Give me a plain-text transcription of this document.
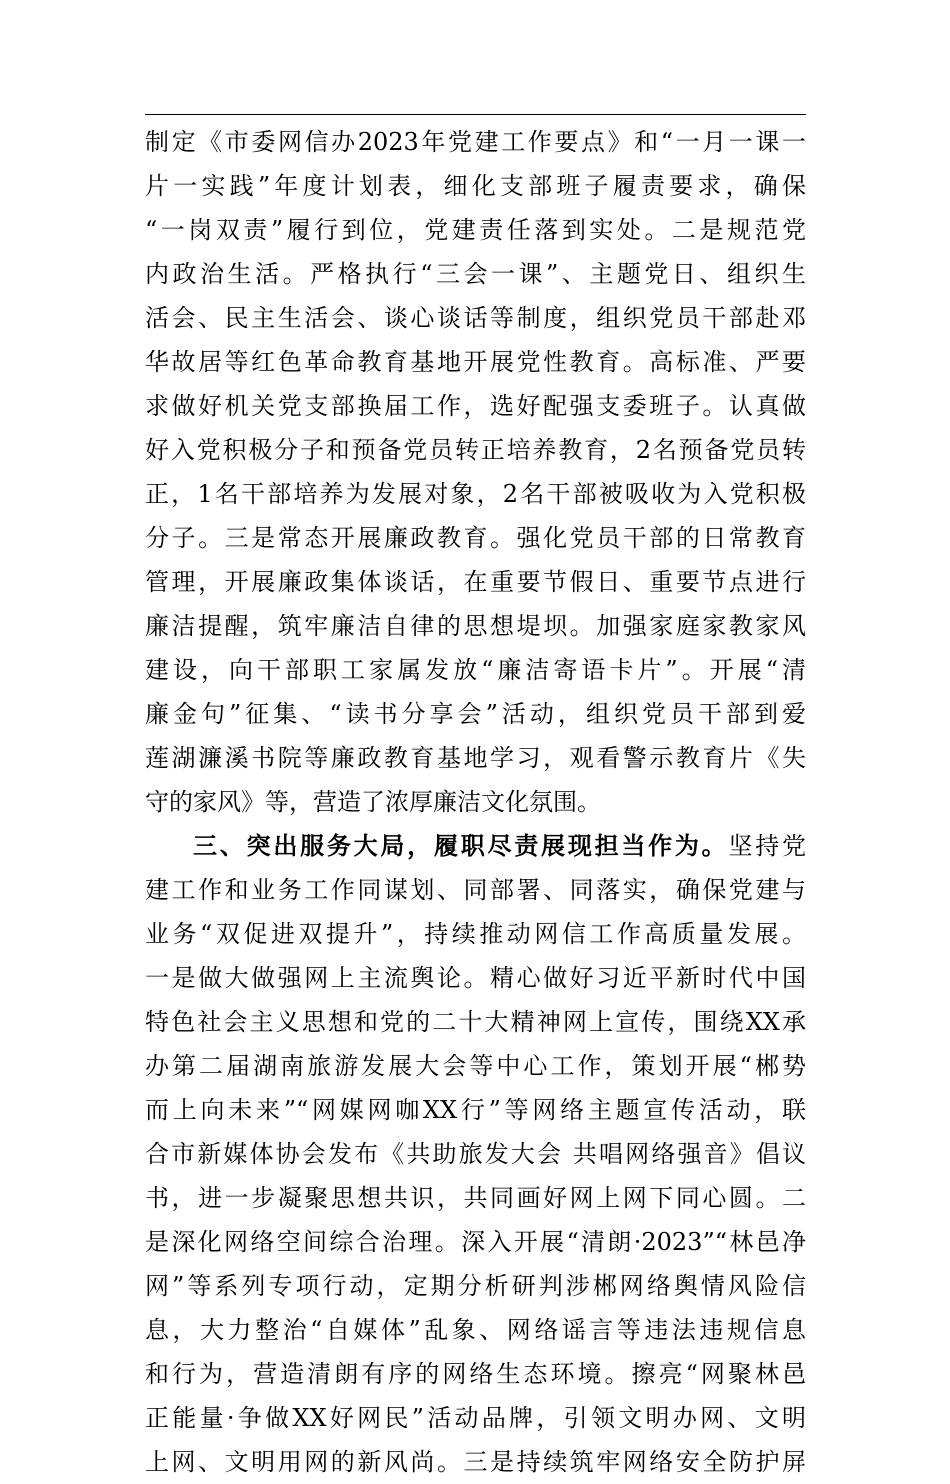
制定《市委网信办2023年党建工作要点》和“一月一课一
片一实践”年度计划表，细化支部班子履责要求，确保
“一岗双责”履行到位，党建责任落到实处。二是规范党
内政治生活。严格执行“三会一课”、主题党日、组织生
活会、民主生活会、谈心谈话等制度，组织党员干部赴邓
华故居等红色革命教育基地开展党性教育。高标准、严要
求做好机关党支部换届工作，选好配强支委班子。认真做
好入党积极分子和预备党员转正培养教育，2名预备党员转
正，1名干部培养为发展对象，2名干部被吸收为入党积极
分子。三是常态开展廉政教育。强化党员干部的日常教育
管理，开展廉政集体谈话，在重要节假日、重要节点进行
廉洁提醒，筑牢廉洁自律的思想堤坝。加强家庭家教家风
建设，向干部职工家属发放“廉洁寄语卡片”。开展“清
廉金句”征集、“读书分享会”活动，组织党员干部到爱
莲湖濂溪书院等廉政教育基地学习，观看警示教育片《失
守的家风》等，营造了浓厚廉洁文化氛围。
三、突出服务大局，履职尽责展现担当作为。坚持党
建工作和业务工作同谋划、同部署、同落实，确保党建与
业务“双促进双提升”，持续推动网信工作高质量发展。
一是做大做强网上主流舆论。精心做好习近平新时代中国
特色社会主义思想和党的二十大精神网上宣传，围绕XX承
办第二届湖南旅游发展大会等中心工作，策划开展“郴势
而上向未来”“网媒网咖XX行”等网络主题宣传活动，联
合市新媒体协会发布《共助旅发大会 共唱网络强音》倡议
书，进一步凝聚思想共识，共同画好网上网下同心圆。二
是深化网络空间综合治理。深入开展“清朗·2023”“林邑净
网”等系列专项行动，定期分析研判涉郴网络舆情风险信
息，大力整治“自媒体”乱象、网络谣言等违法违规信息
和行为，营造清朗有序的网络生态环境。擦亮“网聚林邑
正能量·争做XX好网民”活动品牌，引领文明办网、文明
上网、文明用网的新风尚。三是持续筑牢网络安全防护屏
